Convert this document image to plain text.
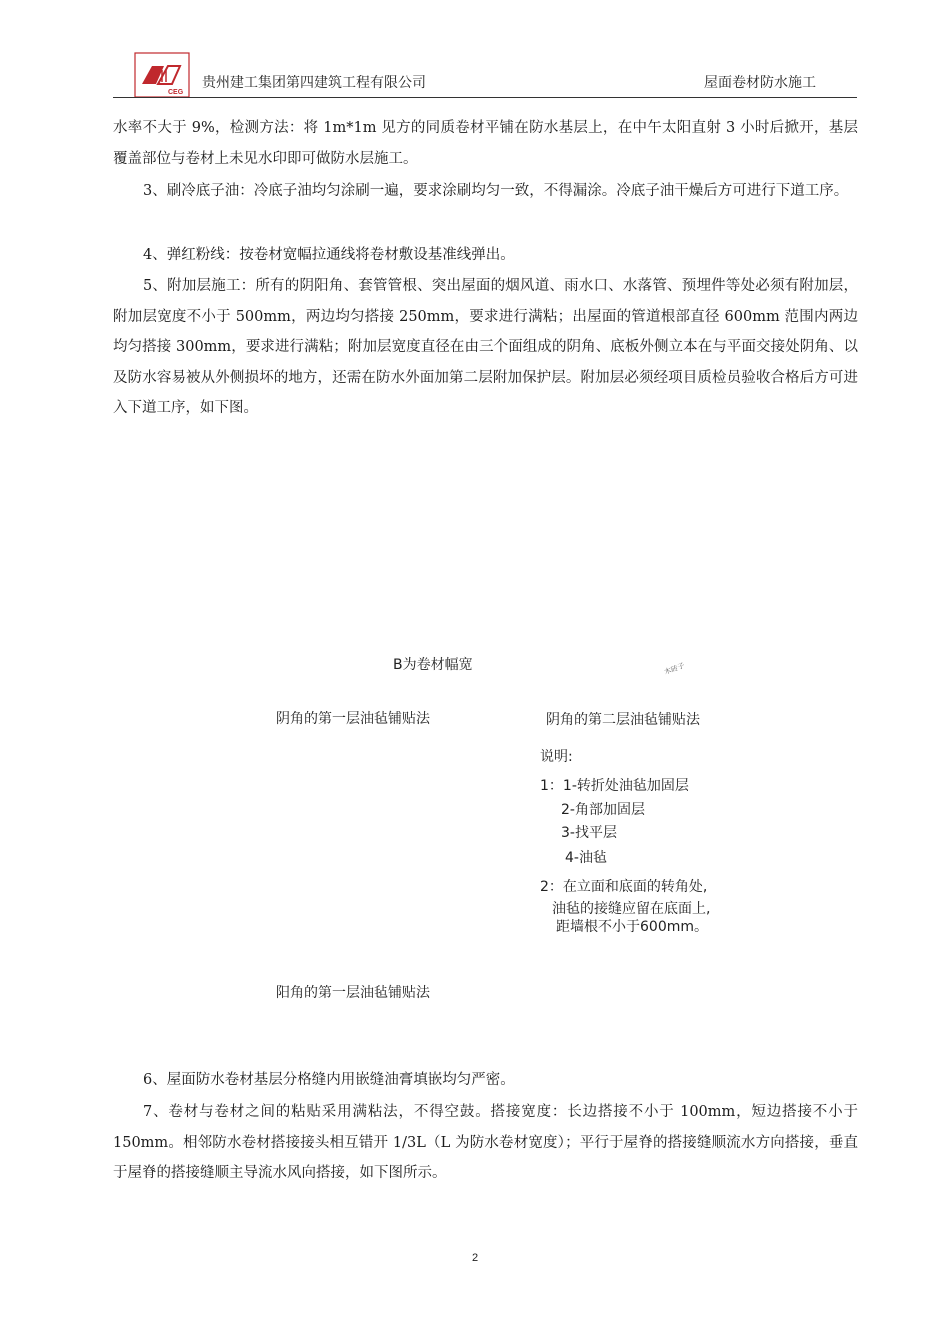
CEG
贵州建工集团第四建筑工程有限公司	屋面卷材防水施工

水率不大于 9%，检测方法：将 1m*1m 见方的同质卷材平铺在防水基层上，在中午太阳直射 3 小时后掀开，基层覆盖部位与卷材上未见水印即可做防水层施工。

3、刷冷底子油：冷底子油均匀涂刷一遍，要求涂刷均匀一致，不得漏涂。冷底子油干燥后方可进行下道工序。

4、弹红粉线：按卷材宽幅拉通线将卷材敷设基准线弹出。

5、附加层施工：所有的阴阳角、套管管根、突出屋面的烟风道、雨水口、水落管、预埋件等处必须有附加层，附加层宽度不小于 500mm，两边均匀搭接 250mm，要求进行满粘；出屋面的管道根部直径 600mm 范围内两边均匀搭接 300mm，要求进行满粘；附加层宽度直径在由三个面组成的阴角、底板外侧立本在与平面交接处阴角、以及防水容易被从外侧损坏的地方，还需在防水外面加第二层附加保护层。附加层必须经项目质检员验收合格后方可进入下道工序，如下图。

B为卷材幅宽	木砖子
阴角的第一层油毡铺贴法	阴角的第二层油毡铺贴法
说明:
1：1-转折处油毡加固层
2-角部加固层
3-找平层
4-油毡
2：在立面和底面的转角处,
油毡的接缝应留在底面上,
距墙根不小于600mm。
阳角的第一层油毡铺贴法

6、屋面防水卷材基层分格缝内用嵌缝油膏填嵌均匀严密。

7、卷材与卷材之间的粘贴采用满粘法，不得空鼓。搭接宽度：长边搭接不小于 100mm，短边搭接不小于 150mm。相邻防水卷材搭接接头相互错开 1/3L（L 为防水卷材宽度）；平行于屋脊的搭接缝顺流水方向搭接，垂直于屋脊的搭接缝顺主导流水风向搭接，如下图所示。

2
